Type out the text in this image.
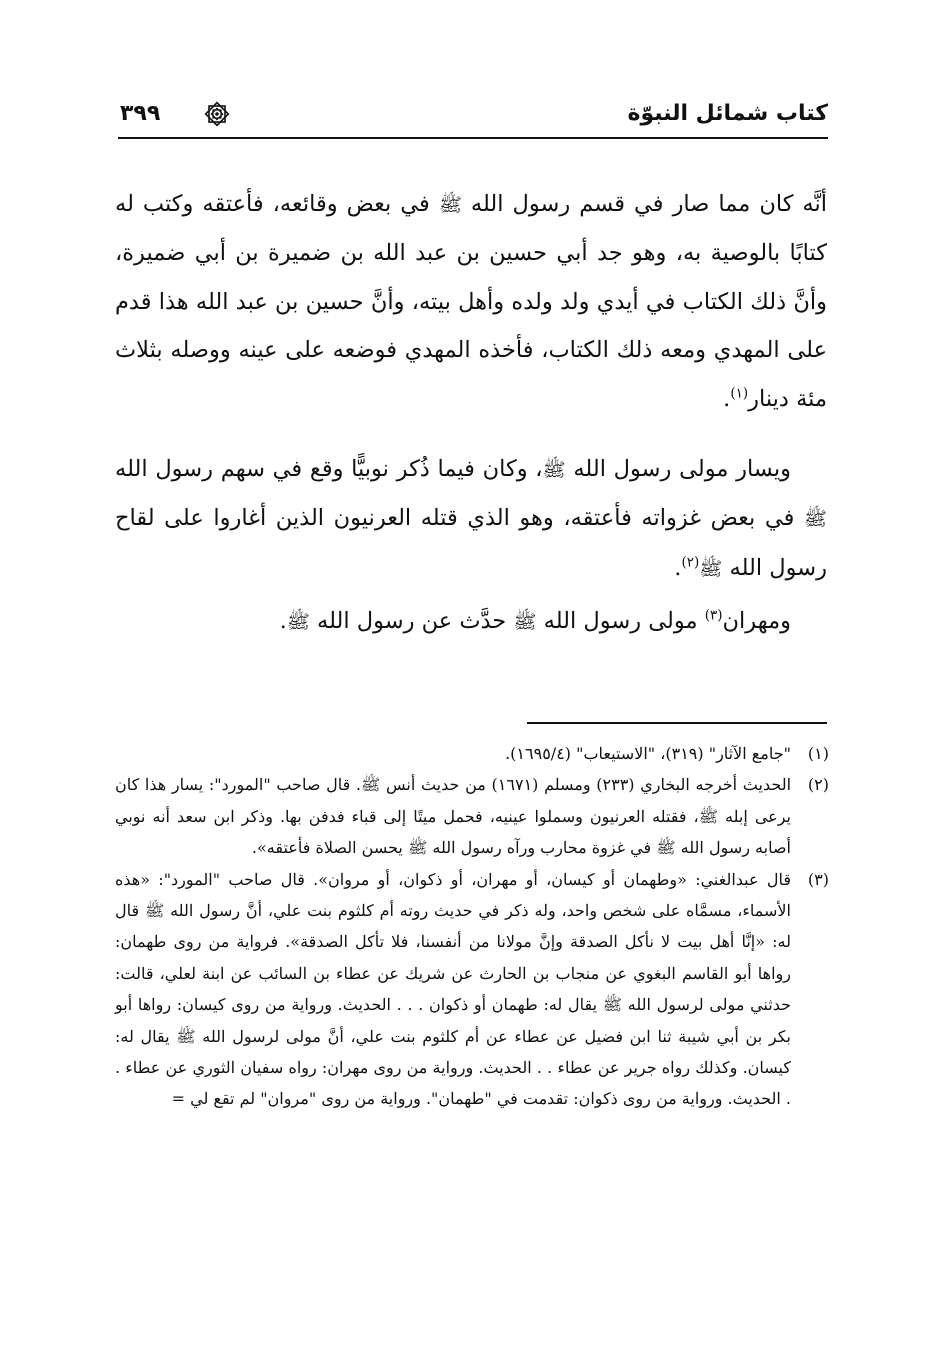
كتاب شمائل النبوّة
٣٩٩

أنَّه كان مما صار في قسم رسول الله ﷺ في بعض وقائعه، فأعتقه وكتب له كتابًا بالوصية به، وهو جد أبي حسين بن عبد الله بن ضميرة بن أبي ضميرة، وأنَّ ذلك الكتاب في أيدي ولد ولده وأهل بيته، وأنَّ حسين بن عبد الله هذا قدم على المهدي ومعه ذلك الكتاب، فأخذه المهدي فوضعه على عينه ووصله بثلاث مئة دينار$^{(١)}$.

ويسار مولى رسول الله ﷺ، وكان فيما ذُكر نوبيًّا وقع في سهم رسول الله ﷺ في بعض غزواته فأعتقه، وهو الذي قتله العرنيون الذين أغاروا على لقاح رسول الله ﷺ$^{(٢)}$.

ومهران$^{(٣)}$ مولى رسول الله ﷺ حدَّث عن رسول الله ﷺ.

(١)
"جامع الآثار" (٣١٩)، "الاستيعاب" (١٦٩٥/٤).
(٢)
الحديث أخرجه البخاري (٢٣٣) ومسلم (١٦٧١) من حديث أنس ﷺ. قال صاحب "المورد": يسار هذا كان يرعى إبله ﷺ، فقتله العرنيون وسملوا عينيه، فحمل ميتًا إلى قباء فدفن بها. وذكر ابن سعد أنه نوبي أصابه رسول الله ﷺ في غزوة محارب ورآه رسول الله ﷺ يحسن الصلاة فأعتقه».
(٣)
قال عبدالغني: «وطهمان أو كيسان، أو مهران، أو ذكوان، أو مروان». قال صاحب "المورد": «هذه الأسماء، مسمَّاه على شخص واحد، وله ذكر في حديث روته أم كلثوم بنت علي، أنَّ رسول الله ﷺ قال له: «إنَّا أهل بيت لا نأكل الصدقة وإنَّ مولانا من أنفسنا، فلا تأكل الصدقة». فرواية من روى طهمان: رواها أبو القاسم البغوي عن منجاب بن الحارث عن شريك عن عطاء بن السائب عن ابنة لعلي، قالت: حدثني مولى لرسول الله ﷺ يقال له: طهمان أو ذكوان . . . الحديث. ورواية من روى كيسان: رواها أبو بكر بن أبي شيبة ثنا ابن فضيل عن عطاء عن أم كلثوم بنت علي، أنَّ مولى لرسول الله ﷺ يقال له: كيسان. وكذلك رواه جرير عن عطاء . . الحديث. ورواية من روى مهران: رواه سفيان الثوري عن عطاء . . الحديث. ورواية من روى ذكوان: تقدمت في "طهمان". ورواية من روى "مروان" لم تقع لي =
